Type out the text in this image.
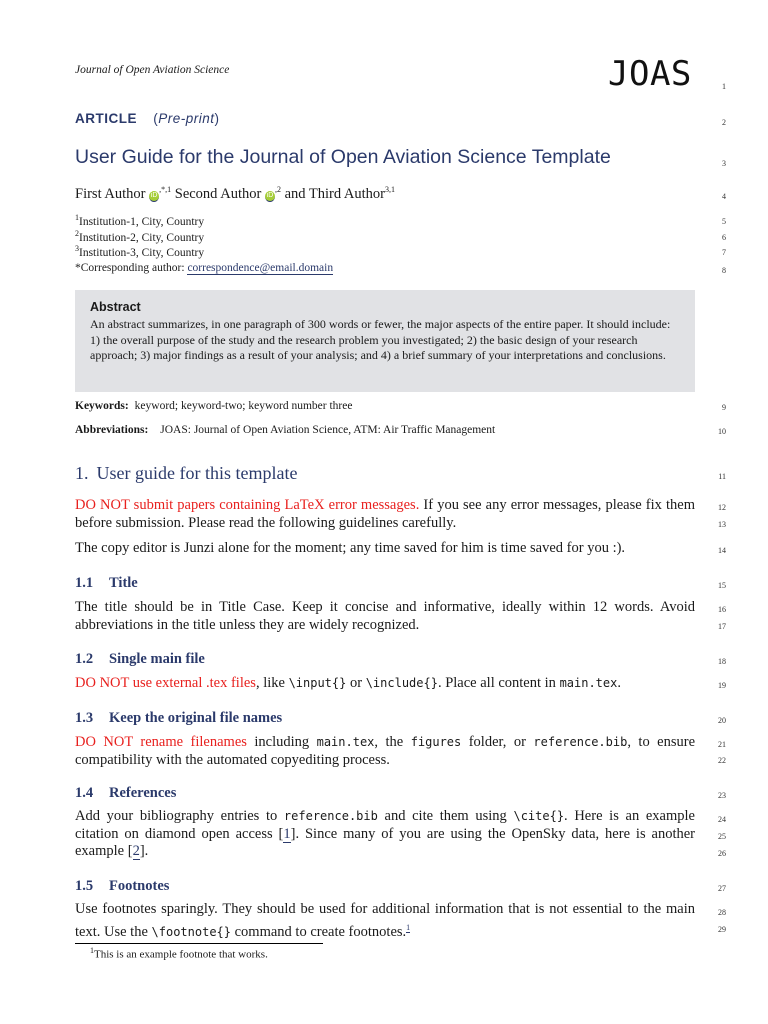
Journal of Open Aviation Science	JOAS
ARTICLE (Pre-print)
User Guide for the Journal of Open Aviation Science Template
First Author $iD^{,*,1}$ Second Author $iD^{,2}$ and Third Author$^{3,1}$
$^1$Institution-1, City, Country
$^2$Institution-2, City, Country
$^3$Institution-3, City, Country
*Corresponding author: correspondence@email.domain
Abstract
An abstract summarizes, in one paragraph of 300 words or fewer, the major aspects of the entire paper. It should include: 1) the overall purpose of the study and the research problem you investigated; 2) the basic design of your research approach; 3) major findings as a result of your analysis; and 4) a brief summary of your interpretations and conclusions.
Keywords: keyword; keyword-two; keyword number three
Abbreviations: JOAS: Journal of Open Aviation Science, ATM: Air Traffic Management
1. User guide for this template
DO NOT submit papers containing LaTeX error messages. If you see any error messages, please fix them before submission. Please read the following guidelines carefully.
The copy editor is Junzi alone for the moment; any time saved for him is time saved for you :).
1.1 Title
The title should be in Title Case. Keep it concise and informative, ideally within 12 words. Avoid abbreviations in the title unless they are widely recognized.
1.2 Single main file
DO NOT use external .tex files, like \input{} or \include{}. Place all content in main.tex.
1.3 Keep the original file names
DO NOT rename filenames including main.tex, the figures folder, or reference.bib, to ensure compatibility with the automated copyediting process.
1.4 References
Add your bibliography entries to reference.bib and cite them using \cite{}. Here is an example citation on diamond open access [1]. Since many of you are using the OpenSky data, here is another example [2].
1.5 Footnotes
Use footnotes sparingly. They should be used for additional information that is not essential to the main text. Use the \footnote{} command to create footnotes.$^1$
$^1$This is an example footnote that works.
1
2
3
4
5
6
7
8
9
10
11
12
13
14
15
16
17
18
19
20
21
22
23
24
25
26
27
28
29
